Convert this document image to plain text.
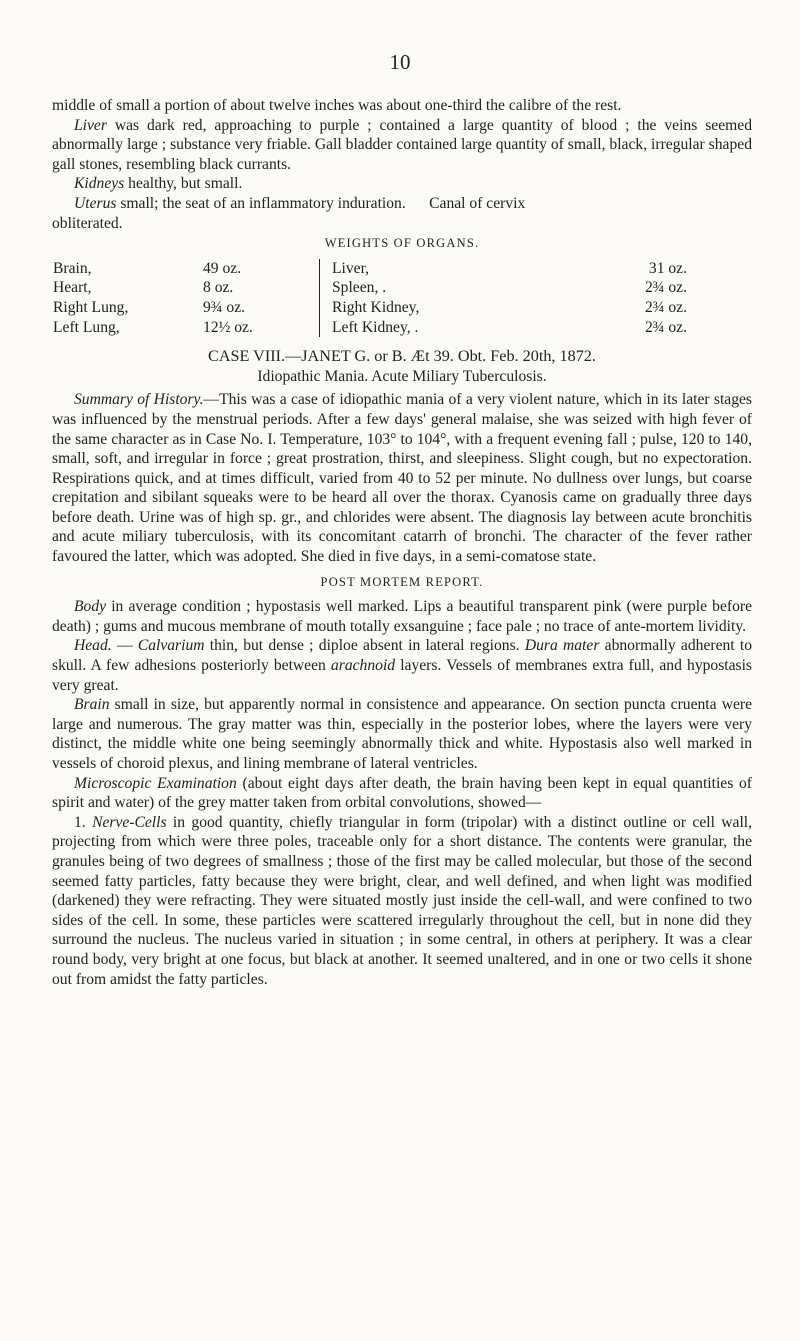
10

middle of small a portion of about twelve inches was about one-third the calibre of the rest.

Liver was dark red, approaching to purple ; contained a large quantity of blood ; the veins seemed abnormally large ; substance very friable. Gall bladder contained large quantity of small, black, irregular shaped gall stones, resembling black currants.

Kidneys healthy, but small.

Uterus small; the seat of an inflammatory induration. Canal of cervix
obliterated.

WEIGHTS OF ORGANS.
Brain,	49 oz.		Liver,	31 oz.
Heart,	8 oz.		Spleen, .	2¾ oz.
Right Lung,	9¾ oz.		Right Kidney,	2¾ oz.
Left Lung,	12½ oz.		Left Kidney, .	2¾ oz.
CASE VIII.—JANET G. or B. Æt 39. Obt. Feb. 20th, 1872.
Idiopathic Mania. Acute Miliary Tuberculosis.

Summary of History.—This was a case of idiopathic mania of a very violent nature, which in its later stages was influenced by the menstrual periods. After a few days' general malaise, she was seized with high fever of the same character as in Case No. I. Temperature, 103° to 104°, with a frequent evening fall ; pulse, 120 to 140, small, soft, and irregular in force ; great prostration, thirst, and sleepiness. Slight cough, but no expectoration. Respirations quick, and at times difficult, varied from 40 to 52 per minute. No dullness over lungs, but coarse crepitation and sibilant squeaks were to be heard all over the thorax. Cyanosis came on gradually three days before death. Urine was of high sp. gr., and chlorides were absent. The diagnosis lay between acute bronchitis and acute miliary tuberculosis, with its concomitant catarrh of bronchi. The character of the fever rather favoured the latter, which was adopted. She died in five days, in a semi-comatose state.

POST MORTEM REPORT.

Body in average condition ; hypostasis well marked. Lips a beautiful transparent pink (were purple before death) ; gums and mucous membrane of mouth totally exsanguine ; face pale ; no trace of ante-mortem lividity.

Head. — Calvarium thin, but dense ; diploe absent in lateral regions. Dura mater abnormally adherent to skull. A few adhesions posteriorly between arachnoid layers. Vessels of membranes extra full, and hypostasis very great.

Brain small in size, but apparently normal in consistence and appearance. On section puncta cruenta were large and numerous. The gray matter was thin, especially in the posterior lobes, where the layers were very distinct, the middle white one being seemingly abnormally thick and white. Hypostasis also well marked in vessels of choroid plexus, and lining membrane of lateral ventricles.

Microscopic Examination (about eight days after death, the brain having been kept in equal quantities of spirit and water) of the grey matter taken from orbital convolutions, showed—

1. Nerve-Cells in good quantity, chiefly triangular in form (tripolar) with a distinct outline or cell wall, projecting from which were three poles, traceable only for a short distance. The contents were granular, the granules being of two degrees of smallness ; those of the first may be called molecular, but those of the second seemed fatty particles, fatty because they were bright, clear, and well defined, and when light was modified (darkened) they were refracting. They were situated mostly just inside the cell-wall, and were confined to two sides of the cell. In some, these particles were scattered irregularly throughout the cell, but in none did they surround the nucleus. The nucleus varied in situation ; in some central, in others at periphery. It was a clear round body, very bright at one focus, but black at another. It seemed unaltered, and in one or two cells it shone out from amidst the fatty particles.
